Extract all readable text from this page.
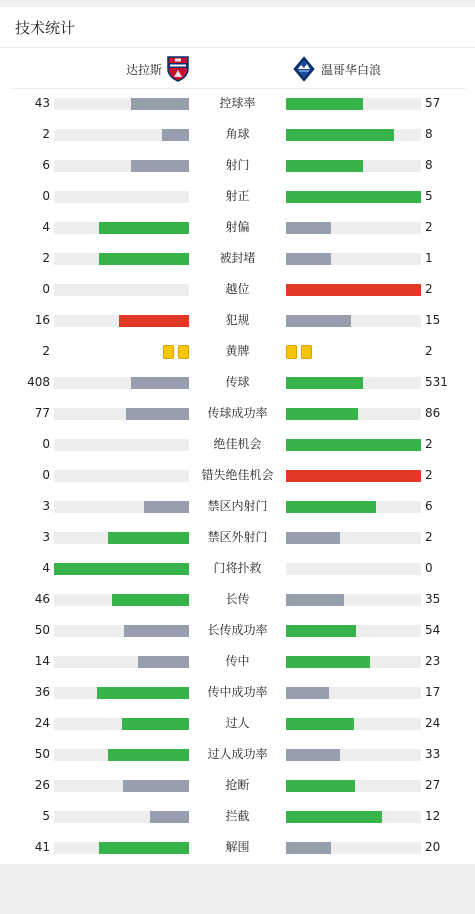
技术统计
达拉斯	温哥华白浪
43	控球率	57
2	角球	8
6	射门	8
0	射正	5
4	射偏	2
2	被封堵	1
0	越位	2
16	犯规	15
2	黄牌	2
408	传球	531
77	传球成功率	86
0	绝佳机会	2
0	错失绝佳机会	2
3	禁区内射门	6
3	禁区外射门	2
4	门将扑救	0
46	长传	35
50	长传成功率	54
14	传中	23
36	传中成功率	17
24	过人	24
50	过人成功率	33
26	抢断	27
5	拦截	12
41	解围	20
